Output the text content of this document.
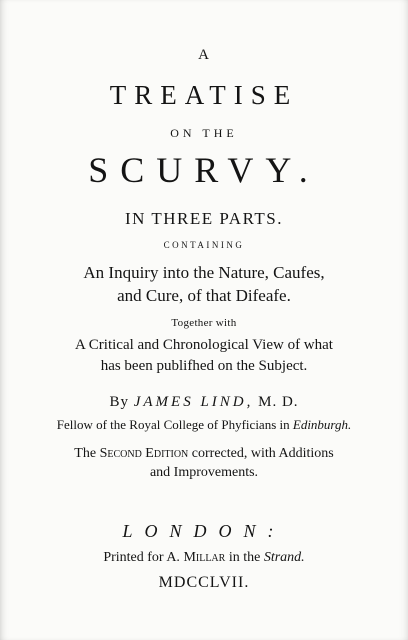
A
TREATISE
ON THE
SCURVY.
IN THREE PARTS.
CONTAINING
An Inquiry into the Nature, Caufes,
and Cure, of that Difeafe.
Together with
A Critical and Chronological View of what
has been publifhed on the Subject.
By JAMES LIND, M. D.
Fellow of the Royal College of Phyficians in Edinburgh.
The Second Edition corrected, with Additions
and Improvements.
LONDON:
Printed for A. Millar in the Strand.
MDCCLVII.
